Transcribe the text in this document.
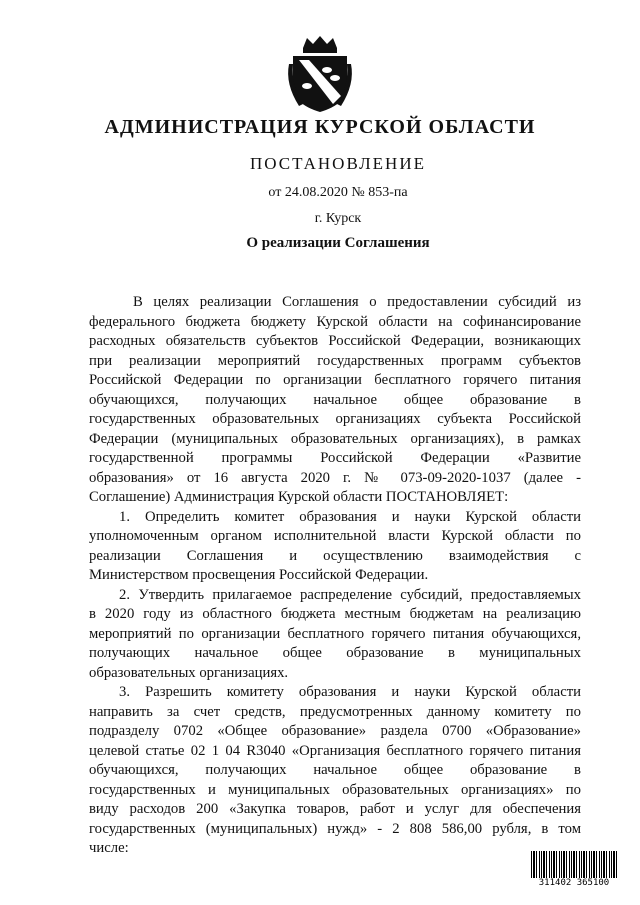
АДМИНИСТРАЦИЯ КУРСКОЙ ОБЛАСТИ
ПОСТАНОВЛЕНИЕ
от 24.08.2020 № 853-па
г. Курск
О реализации Соглашения
В целях реализации Соглашения о предоставлении субсидий из
федерального бюджета бюджету Курской области на софинансирование
расходных обязательств субъектов Российской Федерации, возникающих
при реализации мероприятий государственных программ субъектов
Российской Федерации по организации бесплатного горячего питания
обучающихся, получающих начальное общее образование в
государственных образовательных организациях субъекта Российской
Федерации (муниципальных образовательных организациях), в рамках
государственной программы Российской Федерации «Развитие
образования» от 16 августа 2020 г. № 073-09-2020-1037 (далее -
Соглашение) Администрация Курской области ПОСТАНОВЛЯЕТ:
1. Определить комитет образования и науки Курской области
уполномоченным органом исполнительной власти Курской области по
реализации Соглашения и осуществлению взаимодействия с
Министерством просвещения Российской Федерации.
2. Утвердить прилагаемое распределение субсидий, предоставляемых
в 2020 году из областного бюджета местным бюджетам на реализацию
мероприятий по организации бесплатного горячего питания обучающихся,
получающих начальное общее образование в муниципальных
образовательных организациях.
3. Разрешить комитету образования и науки Курской области
направить за счет средств, предусмотренных данному комитету по
подразделу 0702 «Общее образование» раздела 0700 «Образование»
целевой статье 02 1 04 R3040 «Организация бесплатного горячего питания
обучающихся, получающих начальное общее образование в
государственных и муниципальных образовательных организациях» по
виду расходов 200 «Закупка товаров, работ и услуг для обеспечения
государственных (муниципальных) нужд» - 2 808 586,00 рубля, в том
числе:
311402 365100
